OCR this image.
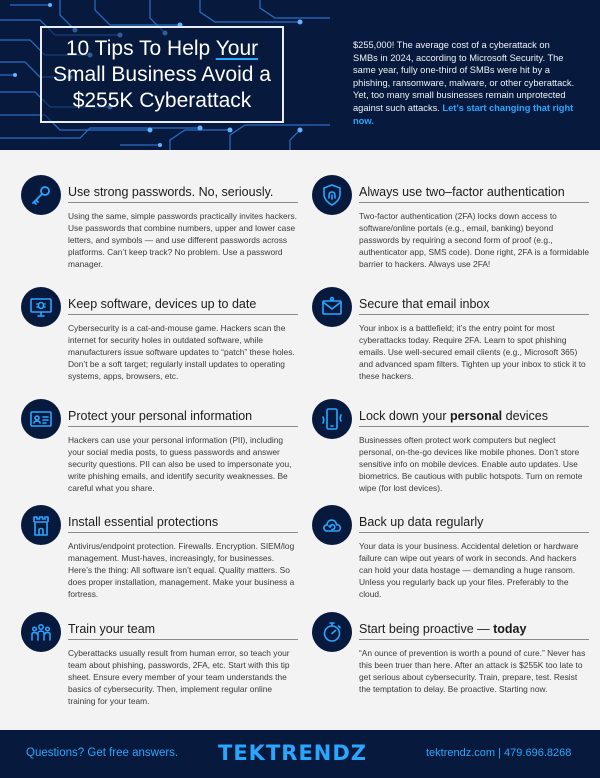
10 Tips To Help Your Small Business Avoid a $255K Cyberattack

$255,000! The average cost of a cyberattack on SMBs in 2024, according to Microsoft Security. The same year, fully one-third of SMBs were hit by a phishing, ransomware, malware, or other cyberattack. Yet, too many small businesses remain unprotected against such attacks. Let’s start changing that right now.

Use strong passwords. No, seriously.

Using the same, simple passwords practically invites hackers. Use passwords that combine numbers, upper and lower case letters, and symbols — and use different passwords across platforms. Can’t keep track? No problem. Use a password manager.

Always use two–factor authentication

Two-factor authentication (2FA) locks down access to software/online portals (e.g., email, banking) beyond passwords by requiring a second form of proof (e.g., authenticator app, SMS code). Done right, 2FA is a formidable barrier to hackers. Always use 2FA!

Keep software, devices up to date

Cybersecurity is a cat-and-mouse game. Hackers scan the internet for security holes in outdated software, while manufacturers issue software updates to “patch” these holes. Don’t be a soft target; regularly install updates to operating systems, apps, browsers, etc.

Secure that email inbox

Your inbox is a battlefield; it’s the entry point for most cyberattacks today. Require 2FA. Learn to spot phishing emails. Use well-secured email clients (e.g., Microsoft 365) and advanced spam filters. Tighten up your inbox to stick it to these hackers.

Protect your personal information

Hackers can use your personal information (PII), including your social media posts, to guess passwords and answer security questions. PII can also be used to impersonate you, write phishing emails, and identify security weaknesses. Be careful what you share.

Lock down your personal devices

Businesses often protect work computers but neglect personal, on-the-go devices like mobile phones. Don’t store sensitive info on mobile devices. Enable auto updates. Use biometrics. Be cautious with public hotspots. Turn on remote wipe (for lost devices).

Install essential protections

Antivirus/endpoint protection. Firewalls. Encryption. SIEM/log management. Must-haves, increasingly, for businesses. Here’s the thing: All software isn’t equal. Quality matters. So does proper installation, management. Make your business a fortress.

Back up data regularly

Your data is your business. Accidental deletion or hardware failure can wipe out years of work in seconds. And hackers can hold your data hostage — demanding a huge ransom. Unless you regularly back up your files. Preferably to the cloud.

Train your team

Cyberattacks usually result from human error, so teach your team about phishing, passwords, 2FA, etc. Start with this tip sheet. Ensure every member of your team understands the basics of cybersecurity. Then, implement regular online training for your team.

Start being proactive — today

“An ounce of prevention is worth a pound of cure.” Never has this been truer than here. After an attack is $255K too late to get serious about cybersecurity. Train, prepare, test. Resist the temptation to delay. Be proactive. Starting now.

Questions? Get free answers. TEKTRENDZ	tektrendz.com | 479.696.8268
